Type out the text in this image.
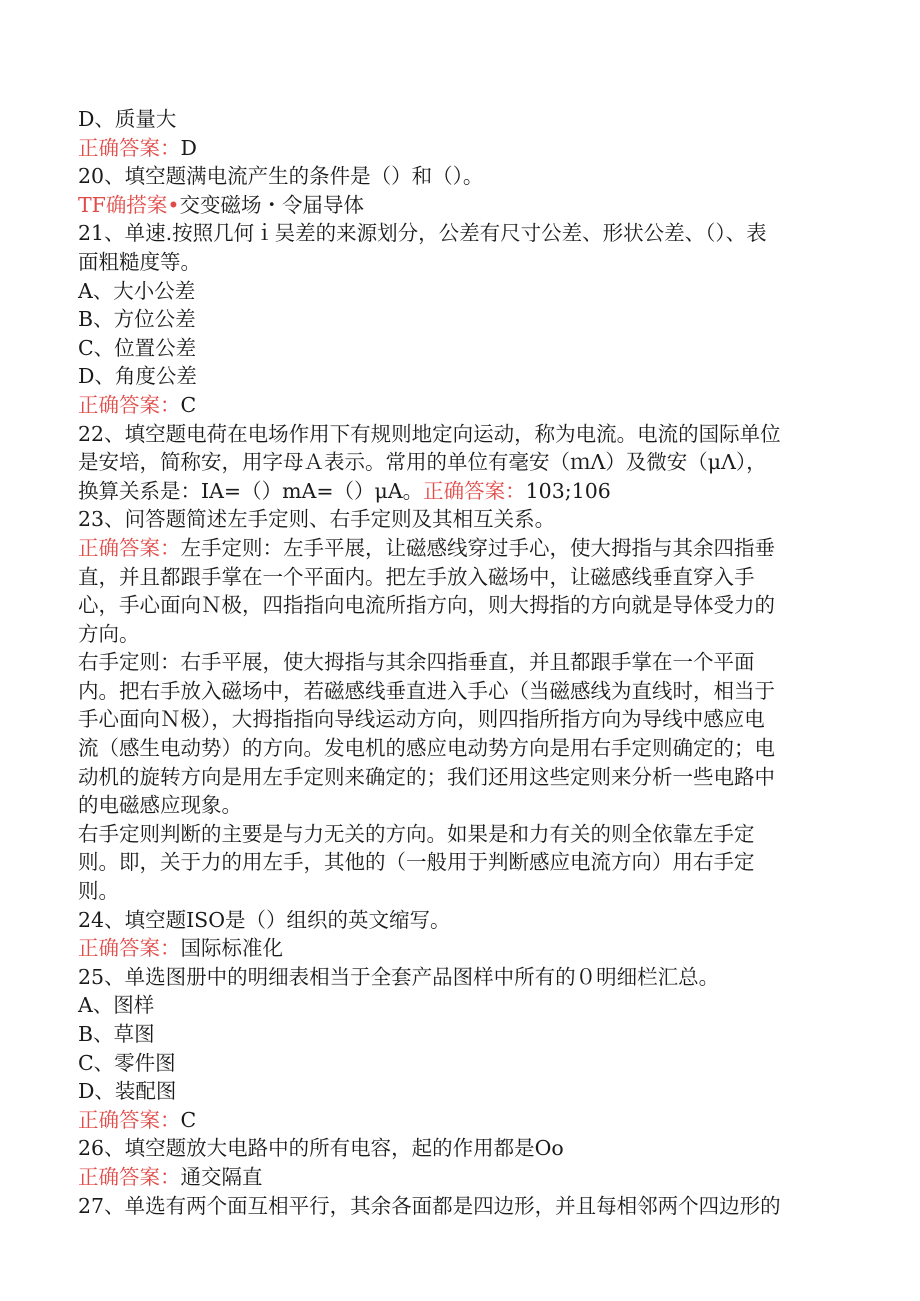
D、质量大

正确答案：D

20、填空题满电流产生的条件是（）和（）。

TF确搭案•交变磁场・令届导体

21、单速.按照几何ｉ吴差的来源划分，公差有尺寸公差、形状公差、（）、表

面粗糙度等。

A、大小公差

B、方位公差

C、位置公差

D、角度公差

正确答案：C

22、填空题电荷在电场作用下有规则地定向运动，称为电流。电流的国际单位

是安培，简称安，用字母Ａ表示。常用的单位有毫安（ｍΛ）及微安（μΛ），

换算关系是：IA=（）mA=（）μA。正确答案：103;106

23、问答题简述左手定则、右手定则及其相互关系。

正确答案：左手定则：左手平展，让磁感线穿过手心，使大拇指与其余四指垂

直，并且都跟手掌在一个平面内。把左手放入磁场中，让磁感线垂直穿入手

心，手心面向Ｎ极，四指指向电流所指方向，则大拇指的方向就是导体受力的

方向。

右手定则：右手平展，使大拇指与其余四指垂直，并且都跟手掌在一个平面

内。把右手放入磁场中，若磁感线垂直进入手心（当磁感线为直线时，相当于

手心面向Ｎ极），大拇指指向导线运动方向，则四指所指方向为导线中感应电

流（感生电动势）的方向。发电机的感应电动势方向是用右手定则确定的；电

动机的旋转方向是用左手定则来确定的；我们还用这些定则来分析一些电路中

的电磁感应现象。

右手定则判断的主要是与力无关的方向。如果是和力有关的则全依靠左手定

则。即，关于力的用左手，其他的（一般用于判断感应电流方向）用右手定

则。

24、填空题ISO是（）组织的英文缩写。

正确答案：国际标准化

25、单选图册中的明细表相当于全套产品图样中所有的０明细栏汇总。

A、图样

B、草图

C、零件图

D、装配图

正确答案：C

26、填空题放大电路中的所有电容，起的作用都是Oo

正确答案：通交隔直

27、单选有两个面互相平行，其余各面都是四边形，并且每相邻两个四边形的
